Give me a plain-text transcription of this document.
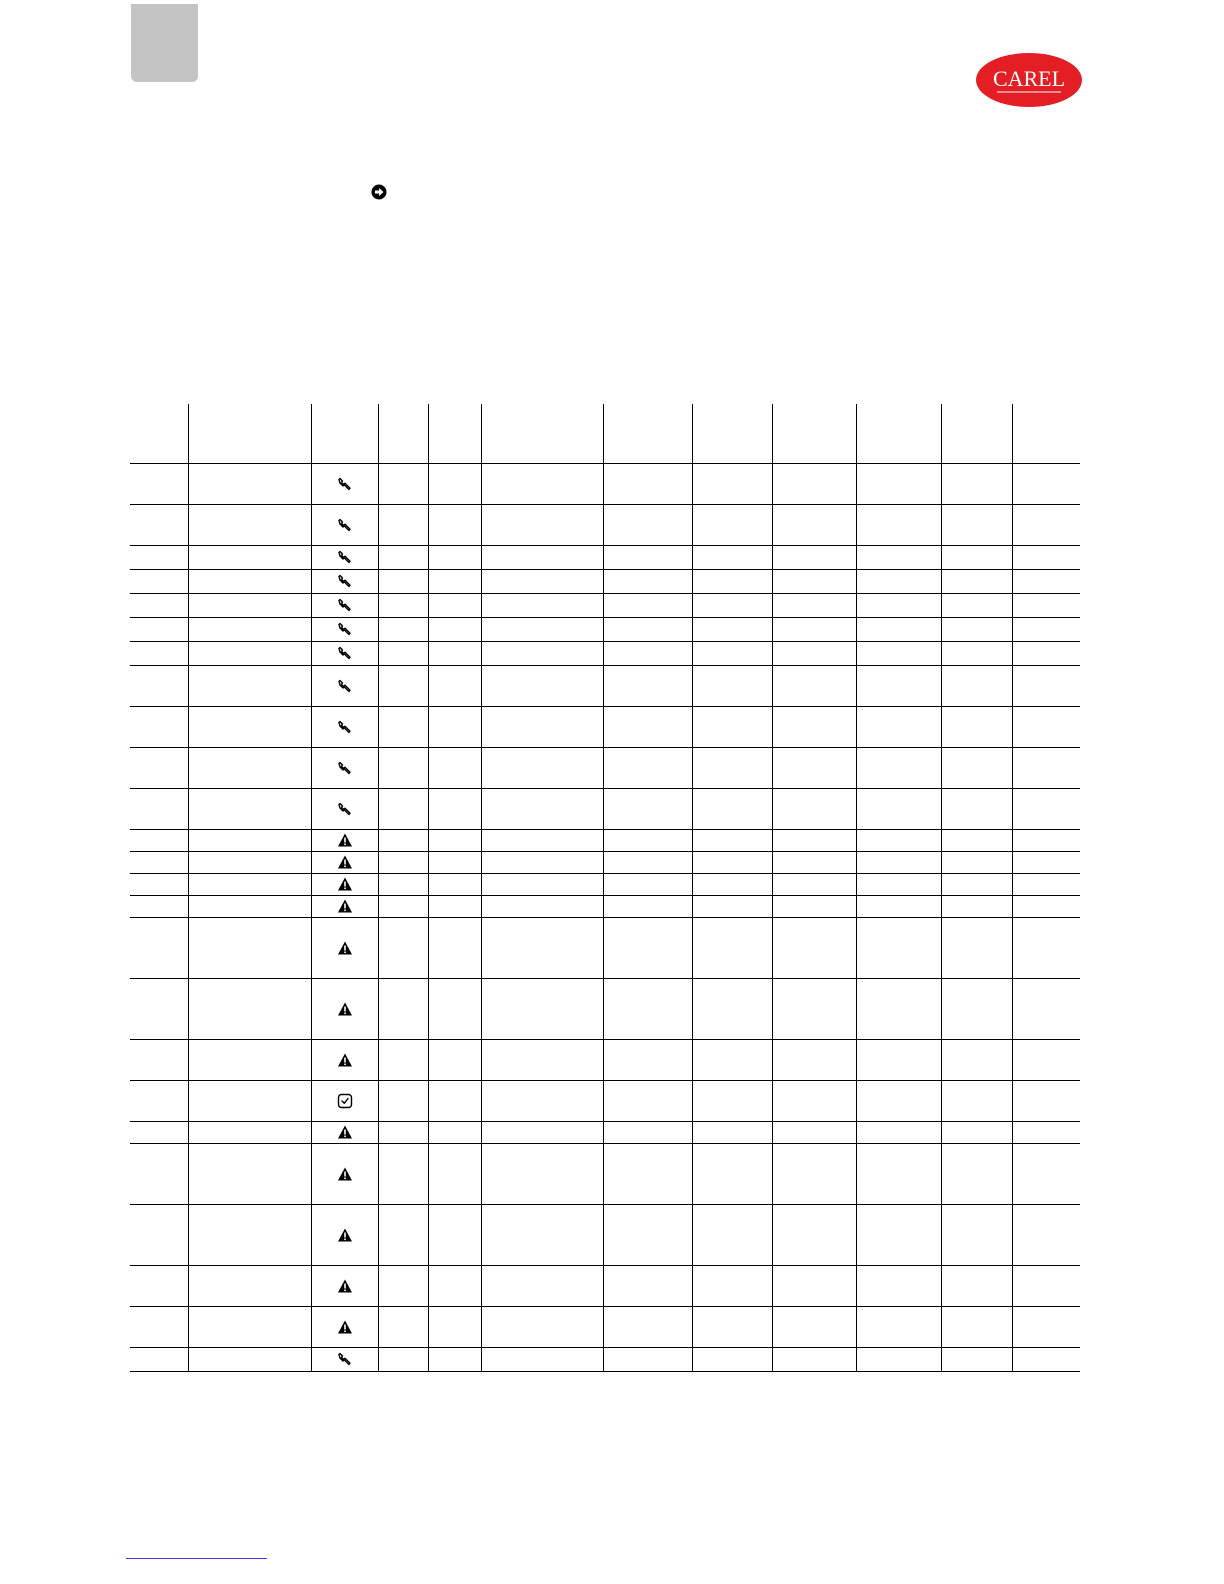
CAREL
